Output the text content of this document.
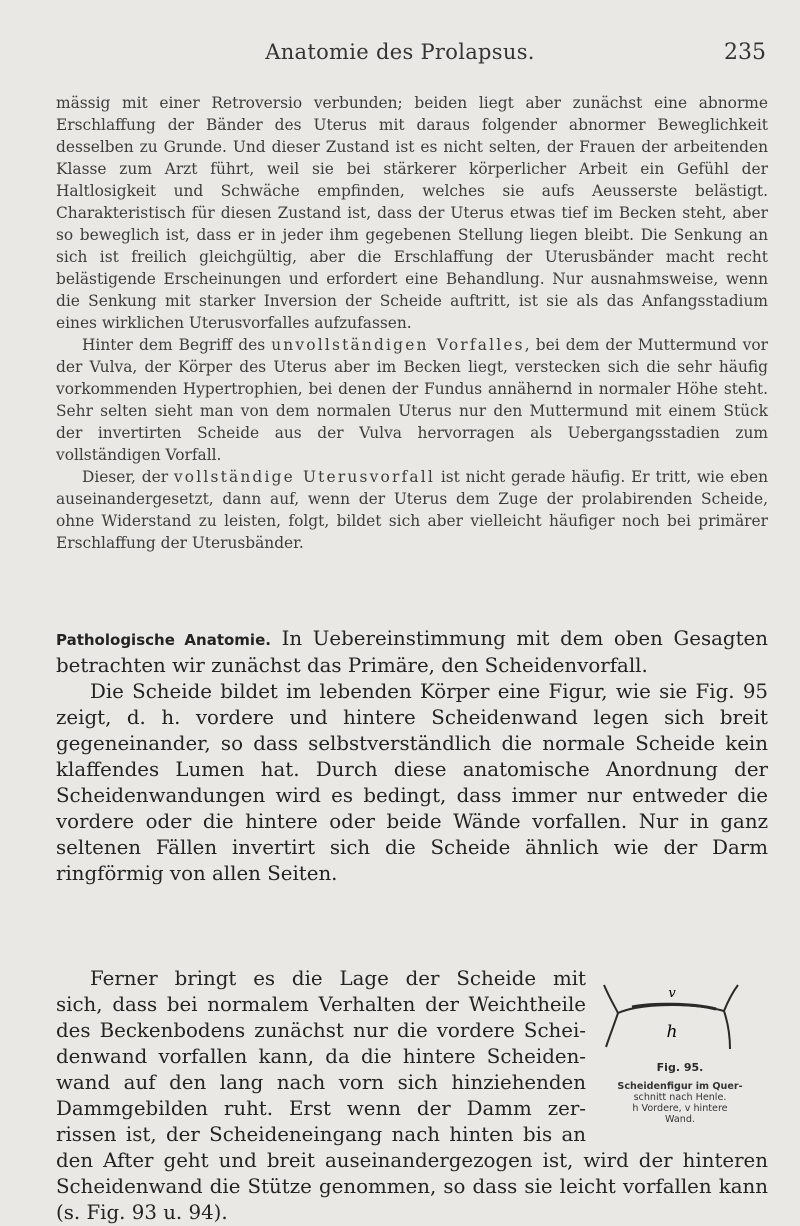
Anatomie des Prolapsus.	235

mässig mit einer Retroversio verbunden; beiden liegt aber zunächst eine abnorme Erschlaffung der Bänder des Uterus mit daraus folgender abnormer Beweglichkeit desselben zu Grunde. Und dieser Zustand ist es nicht selten, der Frauen der arbeitenden Klasse zum Arzt führt, weil sie bei stärkerer körperlicher Arbeit ein Gefühl der Haltlosigkeit und Schwäche empfinden, welches sie aufs Aeusserste belästigt. Charakteristisch für diesen Zustand ist, dass der Uterus etwas tief im Becken steht, aber so beweglich ist, dass er in jeder ihm gegebenen Stellung liegen bleibt. Die Senkung an sich ist freilich gleichgültig, aber die Erschlaffung der Uterusbänder macht recht belästigende Erscheinungen und erfordert eine Behandlung. Nur ausnahmsweise, wenn die Senkung mit starker Inversion der Scheide auftritt, ist sie als das Anfangsstadium eines wirklichen Uterusvorfalles aufzufassen.

Hinter dem Begriff des unvollständigen Vorfalles, bei dem der Muttermund vor der Vulva, der Körper des Uterus aber im Becken liegt, verstecken sich die sehr häufig vorkommenden Hypertrophien, bei denen der Fundus annähernd in normaler Höhe steht. Sehr selten sieht man von dem normalen Uterus nur den Muttermund mit einem Stück der invertirten Scheide aus der Vulva hervorragen als Uebergangsstadien zum vollständigen Vorfall.

Dieser, der vollständige Uterusvorfall ist nicht gerade häufig. Er tritt, wie eben auseinandergesetzt, dann auf, wenn der Uterus dem Zuge der prolabirenden Scheide, ohne Widerstand zu leisten, folgt, bildet sich aber vielleicht häufiger noch bei primärer Erschlaffung der Uterusbänder.

Pathologische Anatomie. In Uebereinstimmung mit dem oben Gesagten betrachten wir zunächst das Primäre, den Scheidenvorfall.

Die Scheide bildet im lebenden Körper eine Figur, wie sie Fig. 95 zeigt, d. h. vordere und hintere Scheidenwand legen sich breit gegeneinander, so dass selbstverständlich die normale Scheide kein klaffendes Lumen hat. Durch diese anatomische Anordnung der Scheidenwandungen wird es bedingt, dass immer nur entweder die vordere oder die hintere oder beide Wände vorfallen. Nur in ganz seltenen Fällen invertirt sich die Scheide ähnlich wie der Darm ringförmig von allen Seiten.

Ferner bringt es die Lage der Scheide mit
sich, dass bei normalem Verhalten der Weichtheile
des Beckenbodens zunächst nur die vordere Schei-
denwand vorfallen kann, da die hintere Scheiden-
wand auf den lang nach vorn sich hinziehenden
Dammgebilden ruht. Erst wenn der Damm zer-
rissen ist, der Scheideneingang nach hinten bis an
den After geht und breit auseinandergezogen ist, wird der hinteren Scheidenwand die Stütze genommen, so dass sie leicht vorfallen kann (s. Fig. 93 u. 94).
v
h
Fig. 95.
Scheidenfigur im Quer-
schnitt nach Henle.
h Vordere, v hintere
Wand.
